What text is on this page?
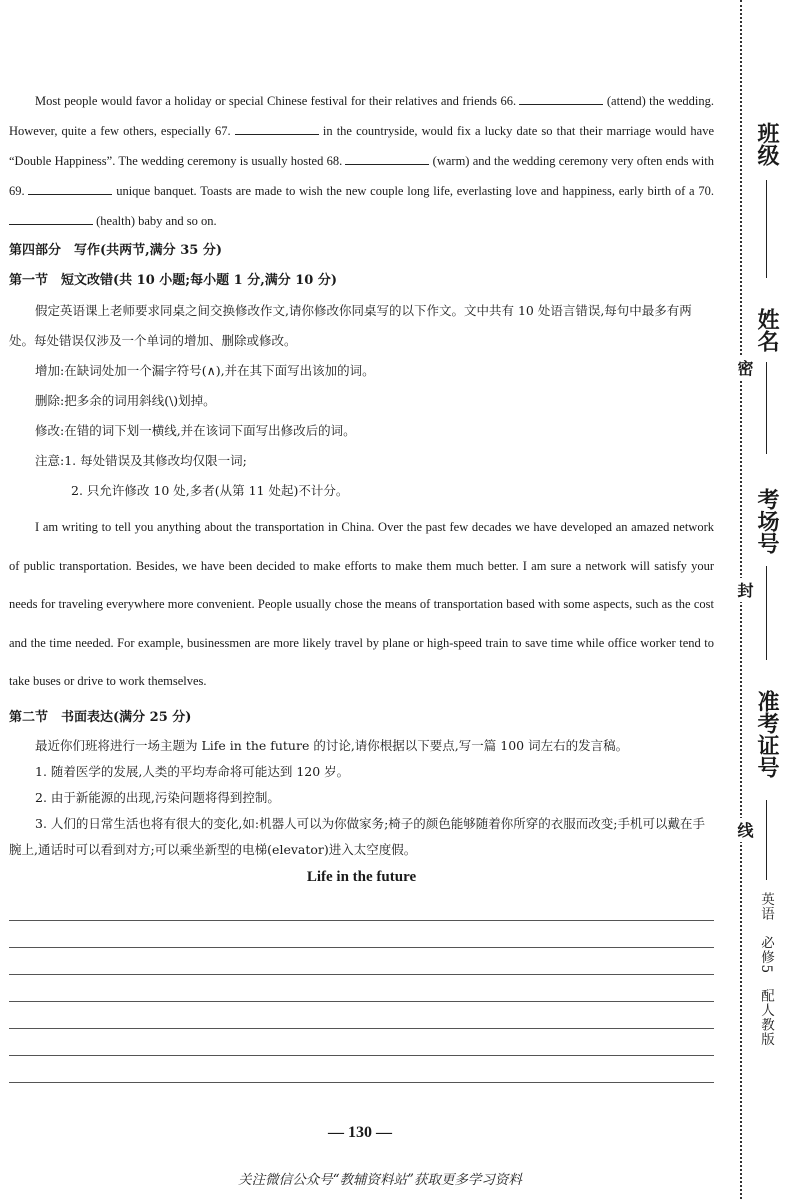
Most people would favor a holiday or special Chinese festival for their relatives and friends 66.	(attend) the wedding. However, quite a few others, especially 67.	in the countryside, would fix a lucky date so that their marriage would have “Double Happiness”. The wedding ceremony is usually hosted 68.	(warm) and the wedding ceremony very often ends with 69.	unique banquet. Toasts are made to wish the new couple long life, everlasting love and happiness, early birth of a 70.  (health) baby and so on.
第四部分　写作(共两节,满分 35 分)
第一节　短文改错(共 10 小题;每小题 1 分,满分 10 分)
假定英语课上老师要求同桌之间交换修改作文,请你修改你同桌写的以下作文。文中共有 10 处语言错误,每句中最多有两处。每处错误仅涉及一个单词的增加、删除或修改。
增加:在缺词处加一个漏字符号(∧),并在其下面写出该加的词。
删除:把多余的词用斜线(\)划掉。
修改:在错的词下划一横线,并在该词下面写出修改后的词。
注意:1. 每处错误及其修改均仅限一词;
2. 只允许修改 10 处,多者(从第 11 处起)不计分。
I am writing to tell you anything about the transportation in China. Over the past few decades we have developed an amazed network of public transportation. Besides, we have been decided to make efforts to make them much better. I am sure a network will satisfy your needs for traveling everywhere more convenient. People usually chose the means of transportation based with some aspects, such as the cost and the time needed. For example, businessmen are more likely travel by plane or high-speed train to save time while office worker tend to take buses or drive to work themselves.
第二节　书面表达(满分 25 分)
最近你们班将进行一场主题为 Life in the future 的讨论,请你根据以下要点,写一篇 100 词左右的发言稿。
1. 随着医学的发展,人类的平均寿命将可能达到 120 岁。
2. 由于新能源的出现,污染问题将得到控制。
3. 人们的日常生活也将有很大的变化,如:机器人可以为你做家务;椅子的颜色能够随着你所穿的衣服而改变;手机可以戴在手腕上,通话时可以看到对方;可以乘坐新型的电梯(elevator)进入太空度假。
Life in the future
— 130 —
关注微信公众号“教辅资料站”获取更多学习资料
班级
姓名
考场号
准考证号
密
封
线
英语　必修5　配人教版
